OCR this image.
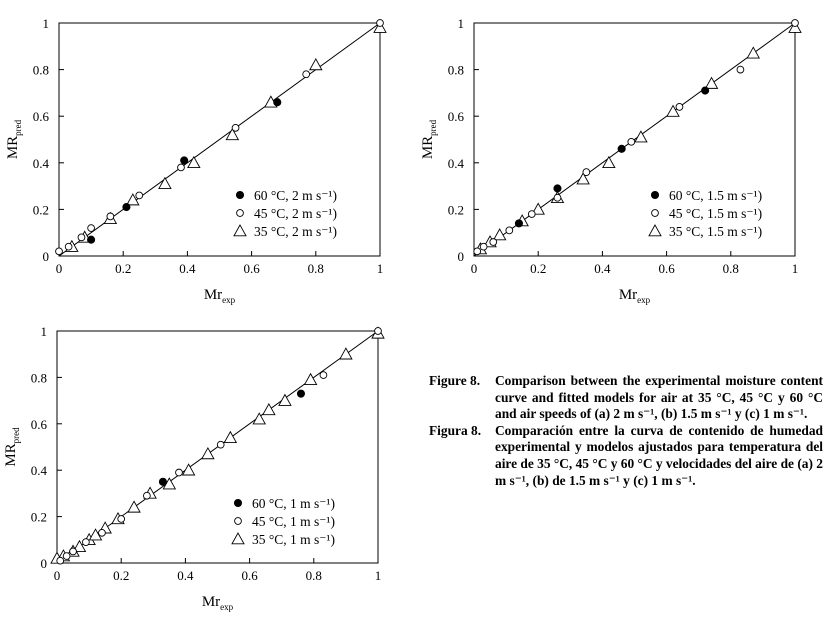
0	0.2	0.4	0.6	0.8	1
0
0.2
0.4
0.6
0.8
1
$Mr_{exp}$
$MR_{pred}$
60 °C, 2 m s⁻¹)
45 °C, 2 m s⁻¹)
35 °C, 2 m s⁻¹)
0	0.2	0.4	0.6	0.8	1
0
0.2
0.4
0.6
0.8
1
$Mr_{exp}$
$MR_{pred}$
60 °C, 1.5 m s⁻¹)
45 °C, 1.5 m s⁻¹)
35 °C, 1.5 m s⁻¹)
0	0.2	0.4	0.6	0.8	1
0
0.2
0.4
0.6
0.8
1
$Mr_{exp}$
$MR_{pred}$
60 °C, 1 m s⁻¹)
45 °C, 1 m s⁻¹)
35 °C, 1 m s⁻¹)
Figure 8.	Comparison between the experimental moisture content curve and fitted models for air at 35 °C, 45 °C y 60 °C and air speeds of (a) 2 m s⁻¹, (b) 1.5 m s⁻¹ y (c) 1 m s⁻¹.
Figura 8.	Comparación entre la curva de contenido de humedad experimental y modelos ajustados para temperatura del aire de 35 °C, 45 °C y 60 °C y velocidades del aire de (a) 2 m s⁻¹, (b) de 1.5 m s⁻¹ y (c) 1 m s⁻¹.
